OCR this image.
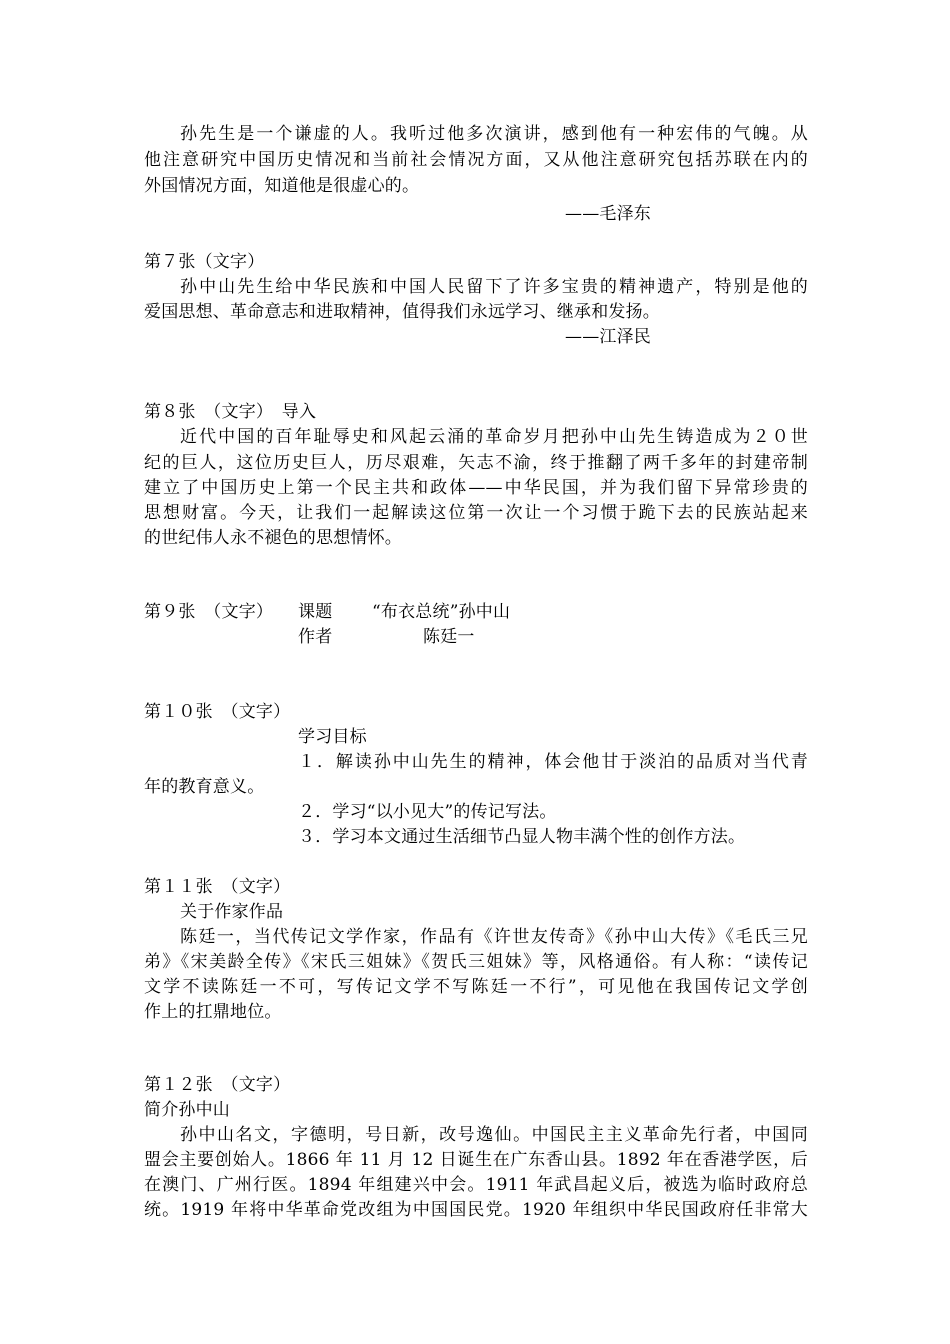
孙先生是一个谦虚的人。我听过他多次演讲，感到他有一种宏伟的气魄。从
他注意研究中国历史情况和当前社会情况方面，又从他注意研究包括苏联在内的
外国情况方面，知道他是很虚心的。
——毛泽东
第７张（文字）
孙中山先生给中华民族和中国人民留下了许多宝贵的精神遗产，特别是他的
爱国思想、革命意志和进取精神，值得我们永远学习、继承和发扬。
——江泽民
第８张　（文字）　导入
近代中国的百年耻辱史和风起云涌的革命岁月把孙中山先生铸造成为２０世
纪的巨人，这位历史巨人，历尽艰难，矢志不渝，终于推翻了两千多年的封建帝制
建立了中国历史上第一个民主共和政体——中华民国，并为我们留下异常珍贵的
思想财富。今天，让我们一起解读这位第一次让一个习惯于跪下去的民族站起来
的世纪伟人永不褪色的思想情怀。
第９张　（文字） 课题 “布衣总统”孙中山
作者	陈廷一
第１０张　（文字）
学习目标
１．解读孙中山先生的精神，体会他甘于淡泊的品质对当代青
年的教育意义。
２．学习“以小见大”的传记写法。
３．学习本文通过生活细节凸显人物丰满个性的创作方法。
第１１张　（文字）
关于作家作品
陈廷一，当代传记文学作家，作品有《许世友传奇》《孙中山大传》《毛氏三兄
弟》《宋美龄全传》《宋氏三姐妹》《贺氏三姐妹》等，风格通俗。有人称：“读传记
文学不读陈廷一不可，写传记文学不写陈廷一不行”，可见他在我国传记文学创
作上的扛鼎地位。
第１２张　（文字）
简介孙中山
孙中山名文，字德明，号日新，改号逸仙。中国民主主义革命先行者，中国同
盟会主要创始人。1866 年 11 月 12 日诞生在广东香山县。1892 年在香港学医，后
在澳门、广州行医。1894 年组建兴中会。1911 年武昌起义后，被选为临时政府总
统。1919 年将中华革命党改组为中国国民党。1920 年组织中华民国政府任非常大
